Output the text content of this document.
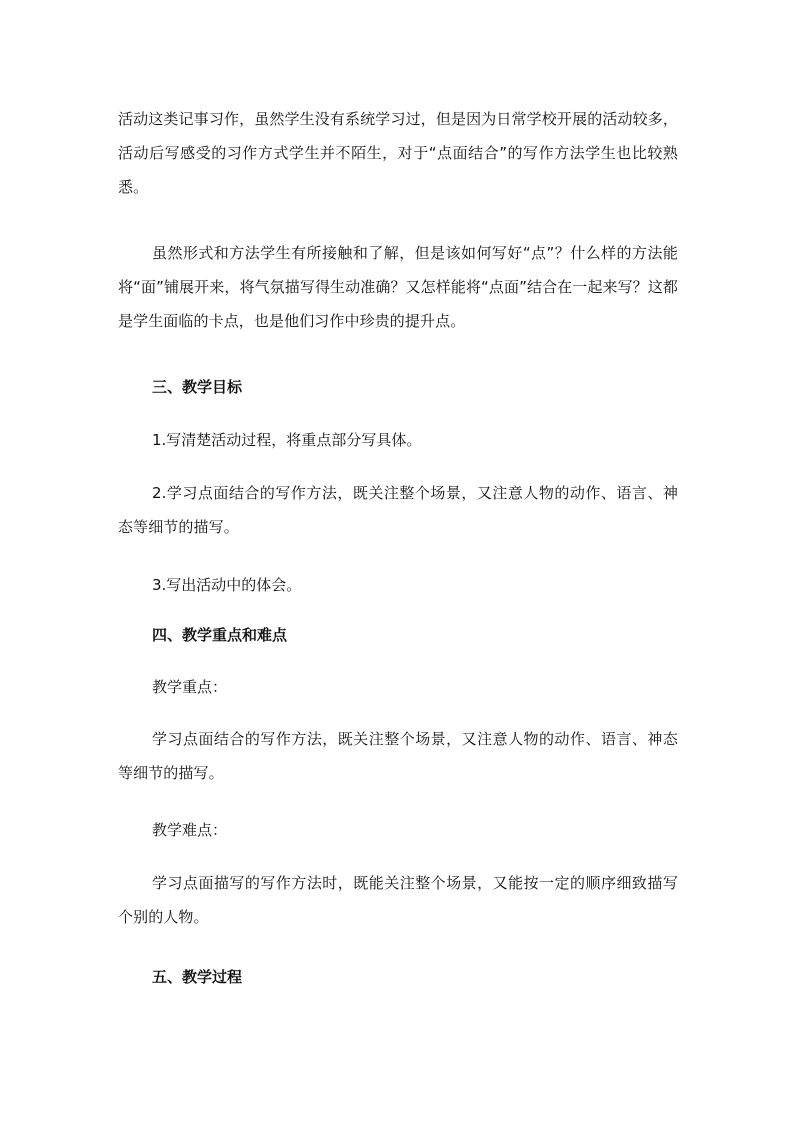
活动这类记事习作，虽然学生没有系统学习过，但是因为日常学校开展的活动较多，活动后写感受的习作方式学生并不陌生，对于“点面结合”的写作方法学生也比较熟悉。

虽然形式和方法学生有所接触和了解，但是该如何写好“点”？什么样的方法能将“面”铺展开来，将气氛描写得生动准确？又怎样能将“点面”结合在一起来写？这都是学生面临的卡点，也是他们习作中珍贵的提升点。

三、教学目标

1.写清楚活动过程，将重点部分写具体。

2.学习点面结合的写作方法，既关注整个场景，又注意人物的动作、语言、神态等细节的描写。

3.写出活动中的体会。

四、教学重点和难点

教学重点：

学习点面结合的写作方法，既关注整个场景，又注意人物的动作、语言、神态等细节的描写。

教学难点：

学习点面描写的写作方法时，既能关注整个场景，又能按一定的顺序细致描写个别的人物。

五、教学过程
